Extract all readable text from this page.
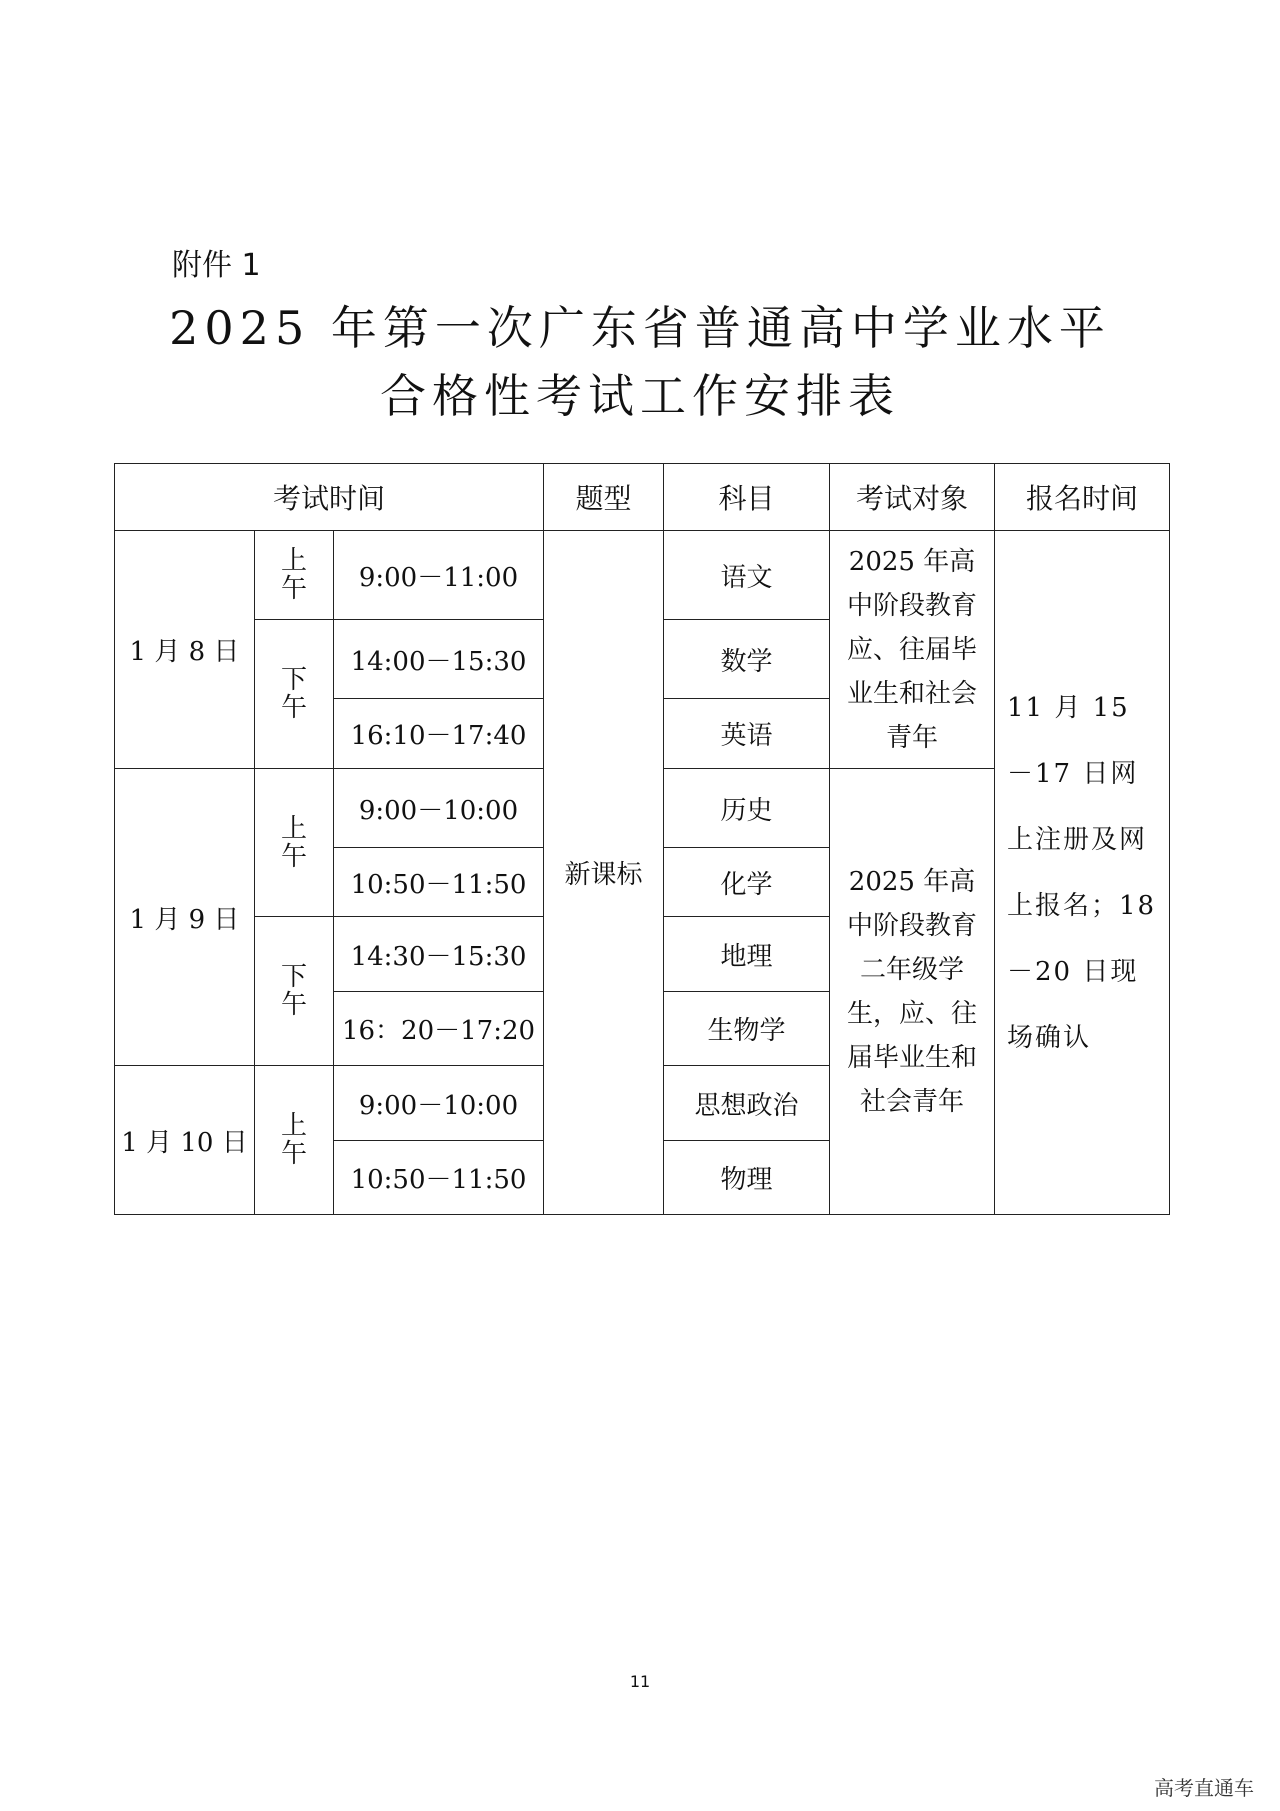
附件 1
2025 年第一次广东省普通高中学业水平
合格性考试工作安排表
考试时间			题型	科目	考试对象	报名时间
1 月 8 日	上
午	9:00－11:00	新课标	语文	2025 年高中阶段教育应、往届毕业生和社会青年	11 月 15－17 日网上注册及网上报名；18－20 日现场确认

	下
午	14:00－15:30		数学		
		16:10－17:40		英语		
1 月 9 日	上
午	9:00－10:00		历史	2025 年高中阶段教育二年级学生，应、往届毕业生和社会青年	
		10:50－11:50		化学		

	下
午	14:30－15:30		地理		
		16：20－17:20		生物学		
1 月 10 日	上
午	9:00－10:00		思想政治		
		10:50－11:50		物理		
11
高考直通车
